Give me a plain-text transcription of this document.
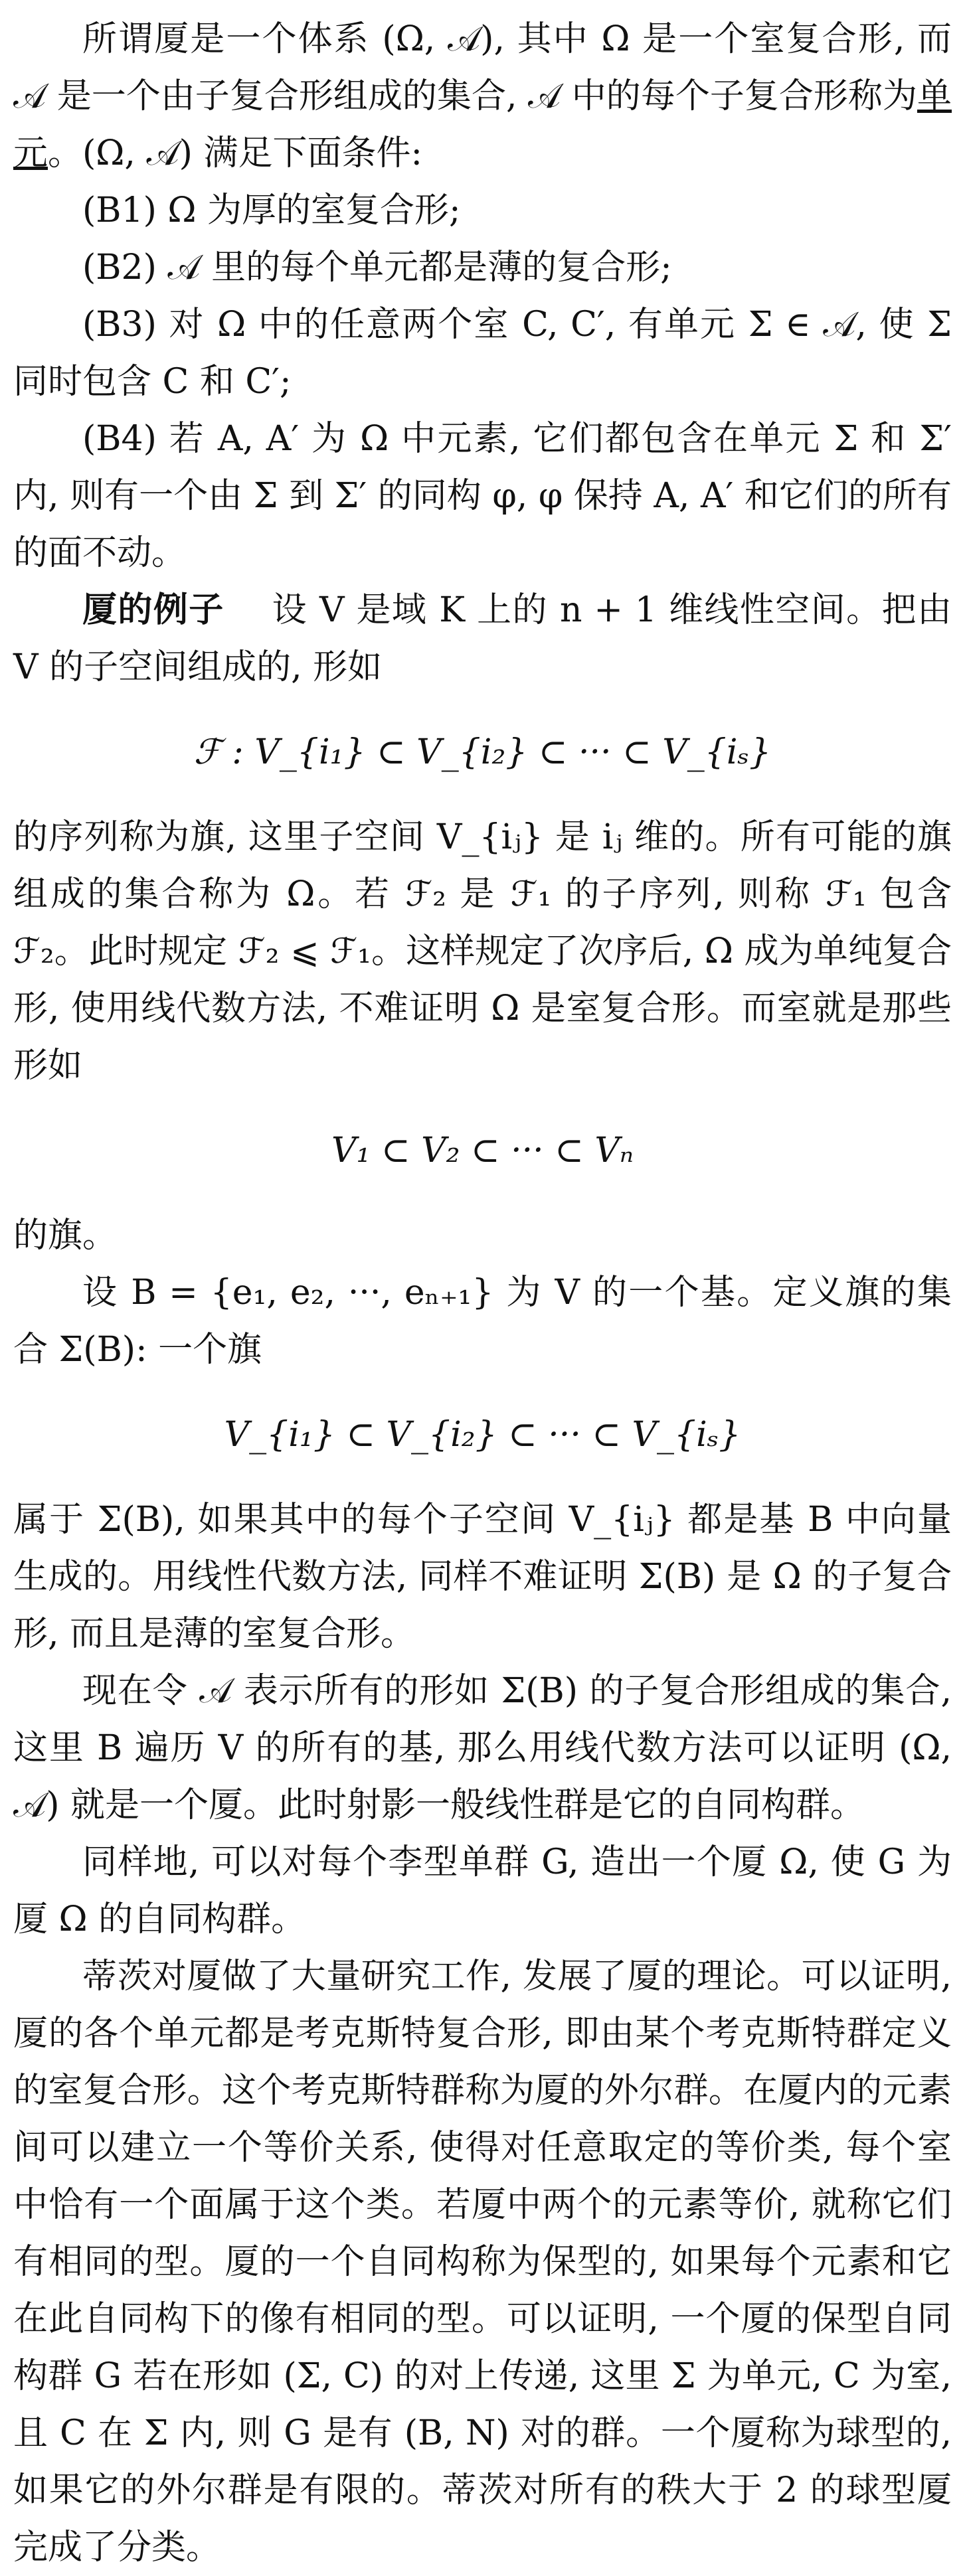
所谓厦是一个体系 (Ω, 𝒜), 其中 Ω 是一个室复合形, 而 𝒜 是一个由子复合形组成的集合, 𝒜 中的每个子复合形称为单元。(Ω, 𝒜) 满足下面条件:

(B1) Ω 为厚的室复合形;

(B2) 𝒜 里的每个单元都是薄的复合形;

(B3) 对 Ω 中的任意两个室 C, C′, 有单元 Σ ∈ 𝒜, 使 Σ 同时包含 C 和 C′;

(B4) 若 A, A′ 为 Ω 中元素, 它们都包含在单元 Σ 和 Σ′ 内, 则有一个由 Σ 到 Σ′ 的同构 φ, φ 保持 A, A′ 和它们的所有的面不动。

厦的例子 设 V 是域 K 上的 n + 1 维线性空间。把由 V 的子空间组成的, 形如

ℱ : V_{i₁} ⊂ V_{i₂} ⊂ ··· ⊂ V_{iₛ}

的序列称为旗, 这里子空间 V_{iⱼ} 是 iⱼ 维的。所有可能的旗组成的集合称为 Ω。若 ℱ₂ 是 ℱ₁ 的子序列, 则称 ℱ₁ 包含 ℱ₂。此时规定 ℱ₂ ⩽ ℱ₁。这样规定了次序后, Ω 成为单纯复合形, 使用线代数方法, 不难证明 Ω 是室复合形。而室就是那些形如

V₁ ⊂ V₂ ⊂ ··· ⊂ Vₙ

的旗。

设 B = {e₁, e₂, ···, eₙ₊₁} 为 V 的一个基。定义旗的集合 Σ(B): 一个旗

V_{i₁} ⊂ V_{i₂} ⊂ ··· ⊂ V_{iₛ}

属于 Σ(B), 如果其中的每个子空间 V_{iⱼ} 都是基 B 中向量生成的。用线性代数方法, 同样不难证明 Σ(B) 是 Ω 的子复合形, 而且是薄的室复合形。

现在令 𝒜 表示所有的形如 Σ(B) 的子复合形组成的集合, 这里 B 遍历 V 的所有的基, 那么用线代数方法可以证明 (Ω, 𝒜) 就是一个厦。此时射影一般线性群是它的自同构群。

同样地, 可以对每个李型单群 G, 造出一个厦 Ω, 使 G 为厦 Ω 的自同构群。

蒂茨对厦做了大量研究工作, 发展了厦的理论。可以证明, 厦的各个单元都是考克斯特复合形, 即由某个考克斯特群定义的室复合形。这个考克斯特群称为厦的外尔群。在厦内的元素间可以建立一个等价关系, 使得对任意取定的等价类, 每个室中恰有一个面属于这个类。若厦中两个的元素等价, 就称它们有相同的型。厦的一个自同构称为保型的, 如果每个元素和它在此自同构下的像有相同的型。可以证明, 一个厦的保型自同构群 G 若在形如 (Σ, C) 的对上传递, 这里 Σ 为单元, C 为室, 且 C 在 Σ 内, 则 G 是有 (B, N) 对的群。一个厦称为球型的, 如果它的外尔群是有限的。蒂茨对所有的秩大于 2 的球型厦完成了分类。
